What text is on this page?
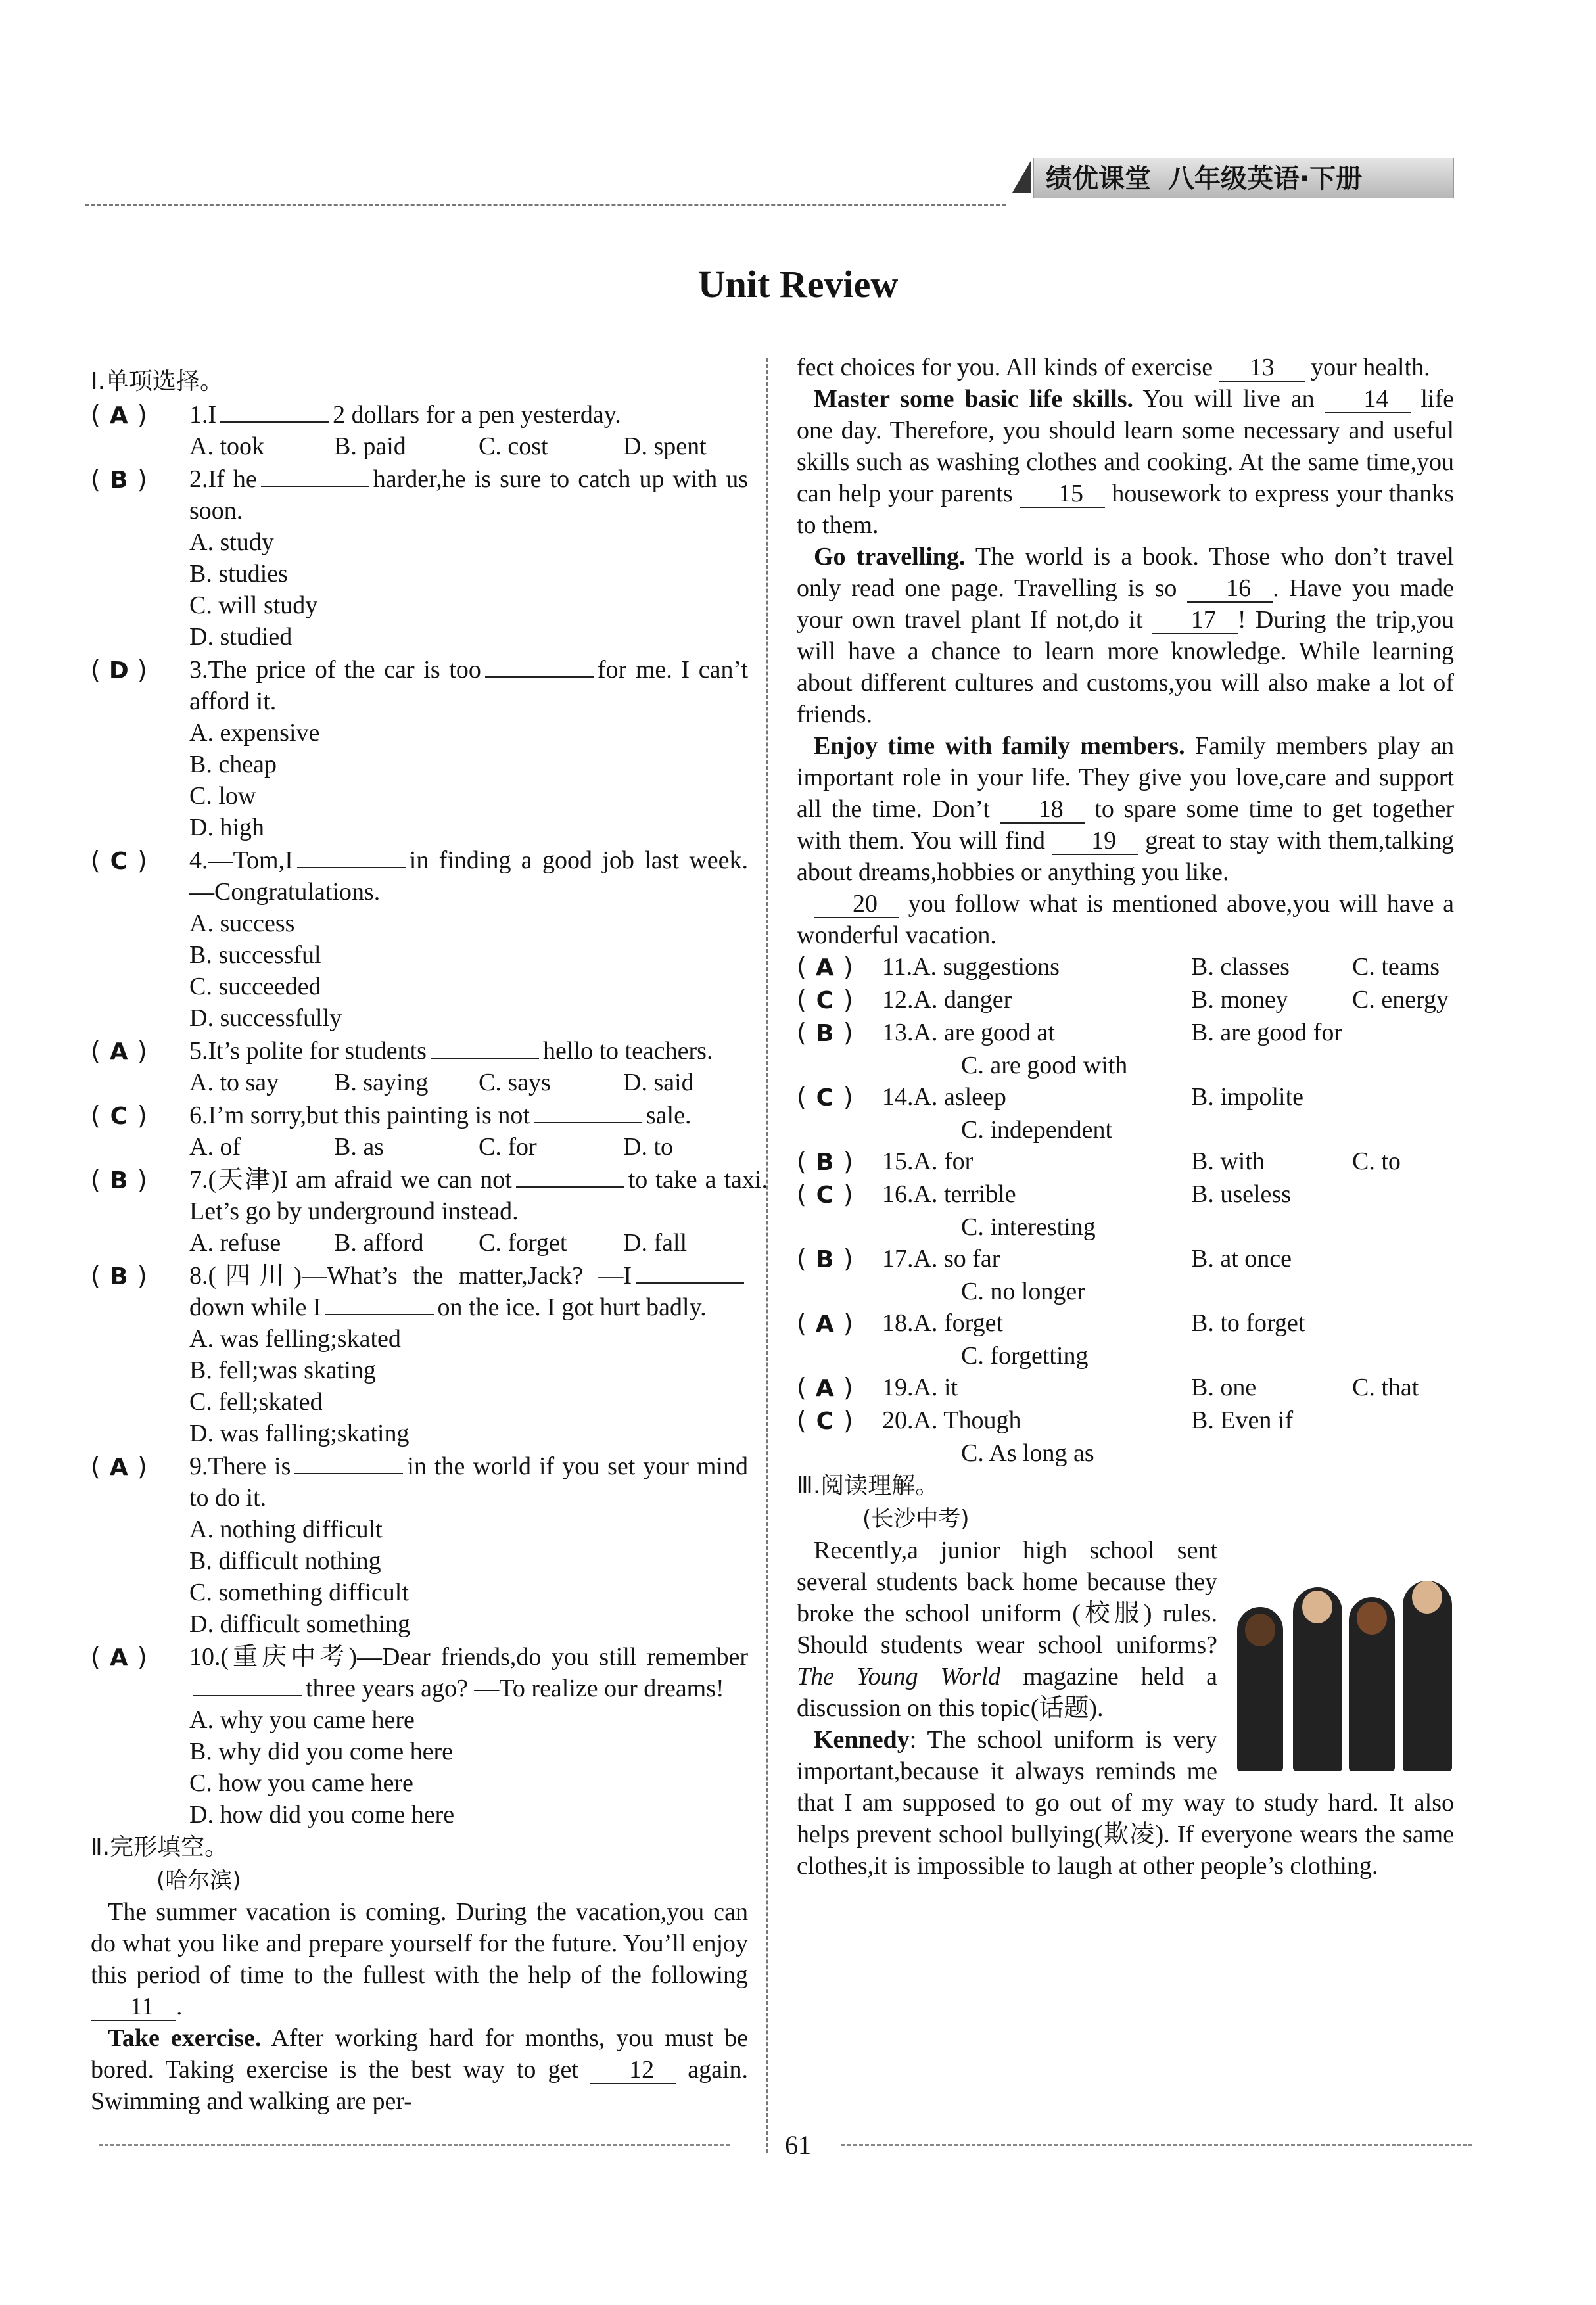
绩优课堂 八年级英语·下册
Unit Review
Ⅰ.单项选择。
( A )	1.I	2 dollars for a pen yesterday.
A. took	B. paid	C. cost	D. spent
( B )	2.If he	harder,he is sure to catch up with us soon.
A. study
B. studies
C. will study
D. studied
( D )	3.The price of the car is too	for me. I can’t afford it.
A. expensive
B. cheap
C. low
D. high
( C )	4.—Tom,I	in finding a good job last week. —Congratulations.
A. success
B. successful
C. succeeded
D. successfully
( A )	5.It’s polite for students	hello to teachers.
A. to say	B. saying	C. says	D. said
( C )	6.I’m sorry,but this painting is not	sale.
A. of	B. as	C. for	D. to
( B )	7.(天津)I am afraid we can not	to take a taxi. Let’s go by underground instead.
A. refuse	B. afford	C. forget	D. fall
( B )	8.(四川)—What’s the matter,Jack? —Idown while I	on the ice. I got hurt badly.
A. was felling;skated
B. fell;was skating
C. fell;skated
D. was falling;skating
( A )	9.There is	in the world if you set your mind to do it.
A. nothing difficult
B. difficult nothing
C. something difficult
D. difficult something
( A )	10.(重庆中考)—Dear friends,do you still rememberthree years ago? —To realize our dreams!
A. why you came here
B. why did you come here
C. how you came here
D. how did you come here
Ⅱ.完形填空。
(哈尔滨)

The summer vacation is coming. During the vacation,you can do what you like and prepare yourself for the future. You’ll enjoy this period of time to the fullest with the help of the following 11 .

Take exercise. After working hard for months, you must be bored. Taking exercise is the best way to get 12 again. Swimming and walking are per-

fect choices for you. All kinds of exercise 13 your health.

Master some basic life skills. You will live an 14 life one day. Therefore, you should learn some necessary and useful skills such as washing clothes and cooking. At the same time,you can help your parents 15 housework to express your thanks to them.

Go travelling. The world is a book. Those who don’t travel only read one page. Travelling is so 16 . Have you made your own travel plant If not,do it 17 ! During the trip,you will have a chance to learn more knowledge. While learning about different cultures and customs,you will also make a lot of friends.

Enjoy time with family members. Family members play an important role in your life. They give you love,care and support all the time. Don’t 18 to spare some time to get together with them. You will find 19 great to stay with them,talking about dreams,hobbies or anything you like.

20 you follow what is mentioned above,you will have a wonderful vacation.

( A )	11.A. suggestions	B. classes	C. teams
( C )	12.A. danger	B. money	C. energy
( B )	13.A. are good at	B. are good for
C. are good with
( C )	14.A. asleep	B. impolite
C. independent
( B )	15.A. for	B. with	C. to
( C )	16.A. terrible	B. useless
C. interesting
( B )	17.A. so far	B. at once
C. no longer
( A )	18.A. forget	B. to forget
C. forgetting
( A )	19.A. it	B. one	C. that
( C )	20.A. Though	B. Even if
C. As long as
Ⅲ.阅读理解。
(长沙中考)

Recently,a junior high school sent several students back home because they broke the school uniform (校服) rules. Should students wear school uniforms? The Young World magazine held a discussion on this topic(话题).

Kennedy: The school uniform is very important,because it always reminds me that I am supposed to go out of my way to study hard. It also helps prevent school bullying(欺凌). If everyone wears the same clothes,it is impossible to laugh at other people’s clothing.

61
